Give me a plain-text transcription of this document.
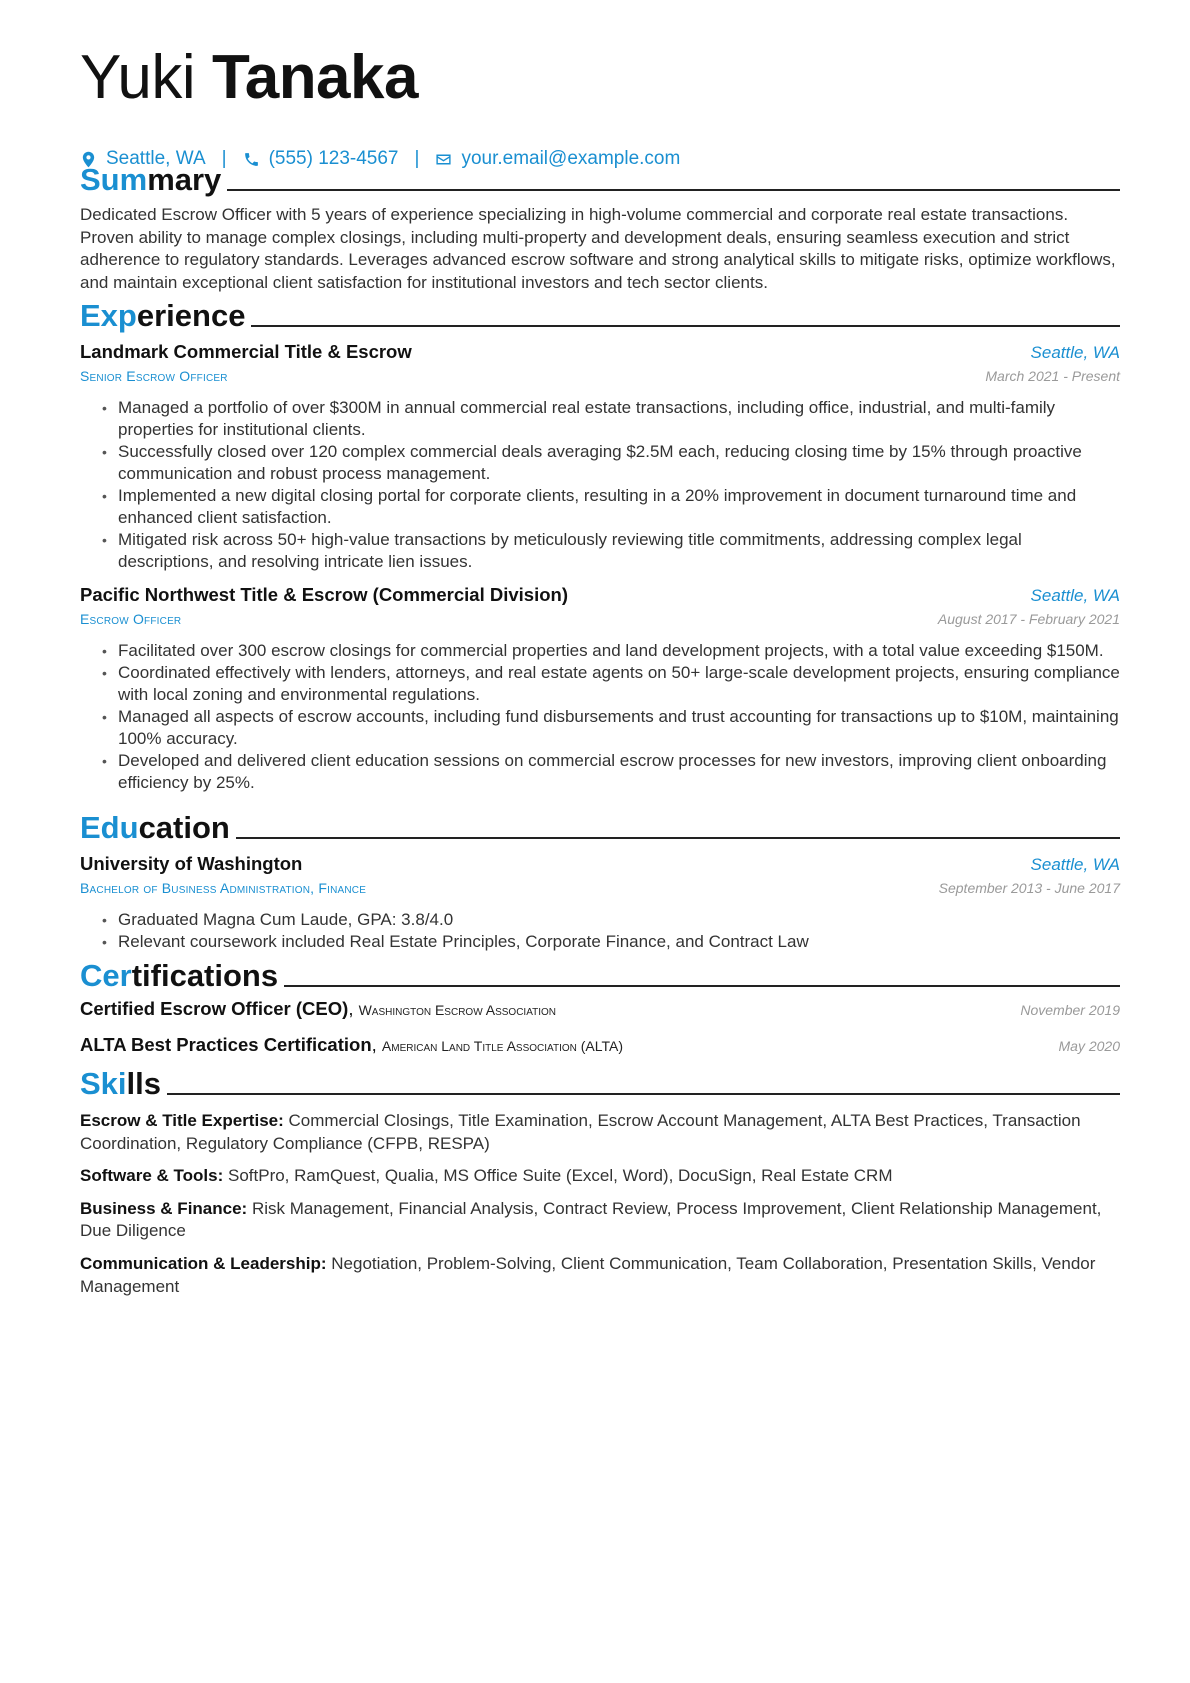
Yuki Tanaka
Seattle, WA | (555) 123-4567 | your.email@example.com
Summary
Dedicated Escrow Officer with 5 years of experience specializing in high-volume commercial and corporate real estate transactions. Proven ability to manage complex closings, including multi-property and development deals, ensuring seamless execution and strict adherence to regulatory standards. Leverages advanced escrow software and strong analytical skills to mitigate risks, optimize workflows, and maintain exceptional client satisfaction for institutional investors and tech sector clients.
Experience
Landmark Commercial Title & Escrow	Seattle, WA
Senior Escrow Officer	March 2021 - Present
• Managed a portfolio of over $300M in annual commercial real estate transactions, including office, industrial, and multi-family properties for institutional clients.
• Successfully closed over 120 complex commercial deals averaging $2.5M each, reducing closing time by 15% through proactive communication and robust process management.
• Implemented a new digital closing portal for corporate clients, resulting in a 20% improvement in document turnaround time and enhanced client satisfaction.
• Mitigated risk across 50+ high-value transactions by meticulously reviewing title commitments, addressing complex legal descriptions, and resolving intricate lien issues.
Pacific Northwest Title & Escrow (Commercial Division)	Seattle, WA
Escrow Officer	August 2017 - February 2021
• Facilitated over 300 escrow closings for commercial properties and land development projects, with a total value exceeding $150M.
• Coordinated effectively with lenders, attorneys, and real estate agents on 50+ large-scale development projects, ensuring compliance with local zoning and environmental regulations.
• Managed all aspects of escrow accounts, including fund disbursements and trust accounting for transactions up to $10M, maintaining 100% accuracy.
• Developed and delivered client education sessions on commercial escrow processes for new investors, improving client onboarding efficiency by 25%.
Education
University of Washington	Seattle, WA
Bachelor of Business Administration, Finance	September 2013 - June 2017
• Graduated Magna Cum Laude, GPA: 3.8/4.0
• Relevant coursework included Real Estate Principles, Corporate Finance, and Contract Law
Certifications
Certified Escrow Officer (CEO), Washington Escrow Association	November 2019
ALTA Best Practices Certification, American Land Title Association (ALTA)	May 2020
Skills
Escrow & Title Expertise: Commercial Closings, Title Examination, Escrow Account Management, ALTA Best Practices, Transaction Coordination, Regulatory Compliance (CFPB, RESPA)
Software & Tools: SoftPro, RamQuest, Qualia, MS Office Suite (Excel, Word), DocuSign, Real Estate CRM
Business & Finance: Risk Management, Financial Analysis, Contract Review, Process Improvement, Client Relationship Management, Due Diligence
Communication & Leadership: Negotiation, Problem-Solving, Client Communication, Team Collaboration, Presentation Skills, Vendor Management
